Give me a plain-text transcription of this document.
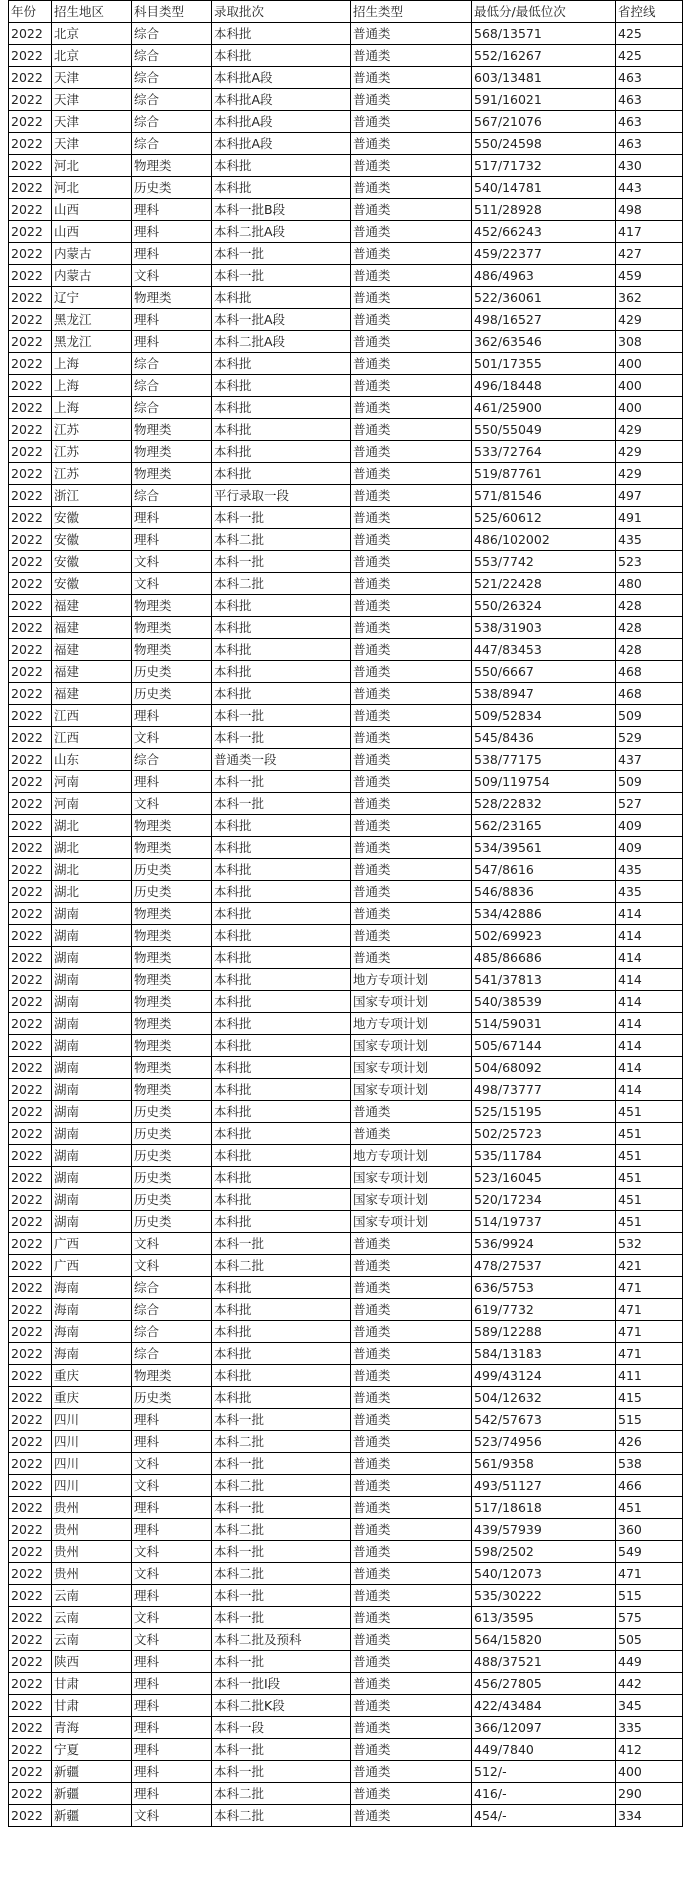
年份	招生地区	科目类型	录取批次	招生类型	最低分/最低位次	省控线
2022	北京	综合	本科批	普通类	568/13571	425
2022	北京	综合	本科批	普通类	552/16267	425
2022	天津	综合	本科批A段	普通类	603/13481	463
2022	天津	综合	本科批A段	普通类	591/16021	463
2022	天津	综合	本科批A段	普通类	567/21076	463
2022	天津	综合	本科批A段	普通类	550/24598	463
2022	河北	物理类	本科批	普通类	517/71732	430
2022	河北	历史类	本科批	普通类	540/14781	443
2022	山西	理科	本科一批B段	普通类	511/28928	498
2022	山西	理科	本科二批A段	普通类	452/66243	417
2022	内蒙古	理科	本科一批	普通类	459/22377	427
2022	内蒙古	文科	本科一批	普通类	486/4963	459
2022	辽宁	物理类	本科批	普通类	522/36061	362
2022	黑龙江	理科	本科一批A段	普通类	498/16527	429
2022	黑龙江	理科	本科二批A段	普通类	362/63546	308
2022	上海	综合	本科批	普通类	501/17355	400
2022	上海	综合	本科批	普通类	496/18448	400
2022	上海	综合	本科批	普通类	461/25900	400
2022	江苏	物理类	本科批	普通类	550/55049	429
2022	江苏	物理类	本科批	普通类	533/72764	429
2022	江苏	物理类	本科批	普通类	519/87761	429
2022	浙江	综合	平行录取一段	普通类	571/81546	497
2022	安徽	理科	本科一批	普通类	525/60612	491
2022	安徽	理科	本科二批	普通类	486/102002	435
2022	安徽	文科	本科一批	普通类	553/7742	523
2022	安徽	文科	本科二批	普通类	521/22428	480
2022	福建	物理类	本科批	普通类	550/26324	428
2022	福建	物理类	本科批	普通类	538/31903	428
2022	福建	物理类	本科批	普通类	447/83453	428
2022	福建	历史类	本科批	普通类	550/6667	468
2022	福建	历史类	本科批	普通类	538/8947	468
2022	江西	理科	本科一批	普通类	509/52834	509
2022	江西	文科	本科一批	普通类	545/8436	529
2022	山东	综合	普通类一段	普通类	538/77175	437
2022	河南	理科	本科一批	普通类	509/119754	509
2022	河南	文科	本科一批	普通类	528/22832	527
2022	湖北	物理类	本科批	普通类	562/23165	409
2022	湖北	物理类	本科批	普通类	534/39561	409
2022	湖北	历史类	本科批	普通类	547/8616	435
2022	湖北	历史类	本科批	普通类	546/8836	435
2022	湖南	物理类	本科批	普通类	534/42886	414
2022	湖南	物理类	本科批	普通类	502/69923	414
2022	湖南	物理类	本科批	普通类	485/86686	414
2022	湖南	物理类	本科批	地方专项计划	541/37813	414
2022	湖南	物理类	本科批	国家专项计划	540/38539	414
2022	湖南	物理类	本科批	地方专项计划	514/59031	414
2022	湖南	物理类	本科批	国家专项计划	505/67144	414
2022	湖南	物理类	本科批	国家专项计划	504/68092	414
2022	湖南	物理类	本科批	国家专项计划	498/73777	414
2022	湖南	历史类	本科批	普通类	525/15195	451
2022	湖南	历史类	本科批	普通类	502/25723	451
2022	湖南	历史类	本科批	地方专项计划	535/11784	451
2022	湖南	历史类	本科批	国家专项计划	523/16045	451
2022	湖南	历史类	本科批	国家专项计划	520/17234	451
2022	湖南	历史类	本科批	国家专项计划	514/19737	451
2022	广西	文科	本科一批	普通类	536/9924	532
2022	广西	文科	本科二批	普通类	478/27537	421
2022	海南	综合	本科批	普通类	636/5753	471
2022	海南	综合	本科批	普通类	619/7732	471
2022	海南	综合	本科批	普通类	589/12288	471
2022	海南	综合	本科批	普通类	584/13183	471
2022	重庆	物理类	本科批	普通类	499/43124	411
2022	重庆	历史类	本科批	普通类	504/12632	415
2022	四川	理科	本科一批	普通类	542/57673	515
2022	四川	理科	本科二批	普通类	523/74956	426
2022	四川	文科	本科一批	普通类	561/9358	538
2022	四川	文科	本科二批	普通类	493/51127	466
2022	贵州	理科	本科一批	普通类	517/18618	451
2022	贵州	理科	本科二批	普通类	439/57939	360
2022	贵州	文科	本科一批	普通类	598/2502	549
2022	贵州	文科	本科二批	普通类	540/12073	471
2022	云南	理科	本科一批	普通类	535/30222	515
2022	云南	文科	本科一批	普通类	613/3595	575
2022	云南	文科	本科二批及预科	普通类	564/15820	505
2022	陕西	理科	本科一批	普通类	488/37521	449
2022	甘肃	理科	本科一批I段	普通类	456/27805	442
2022	甘肃	理科	本科二批K段	普通类	422/43484	345
2022	青海	理科	本科一段	普通类	366/12097	335
2022	宁夏	理科	本科一批	普通类	449/7840	412
2022	新疆	理科	本科一批	普通类	512/-	400
2022	新疆	理科	本科二批	普通类	416/-	290
2022	新疆	文科	本科二批	普通类	454/-	334
